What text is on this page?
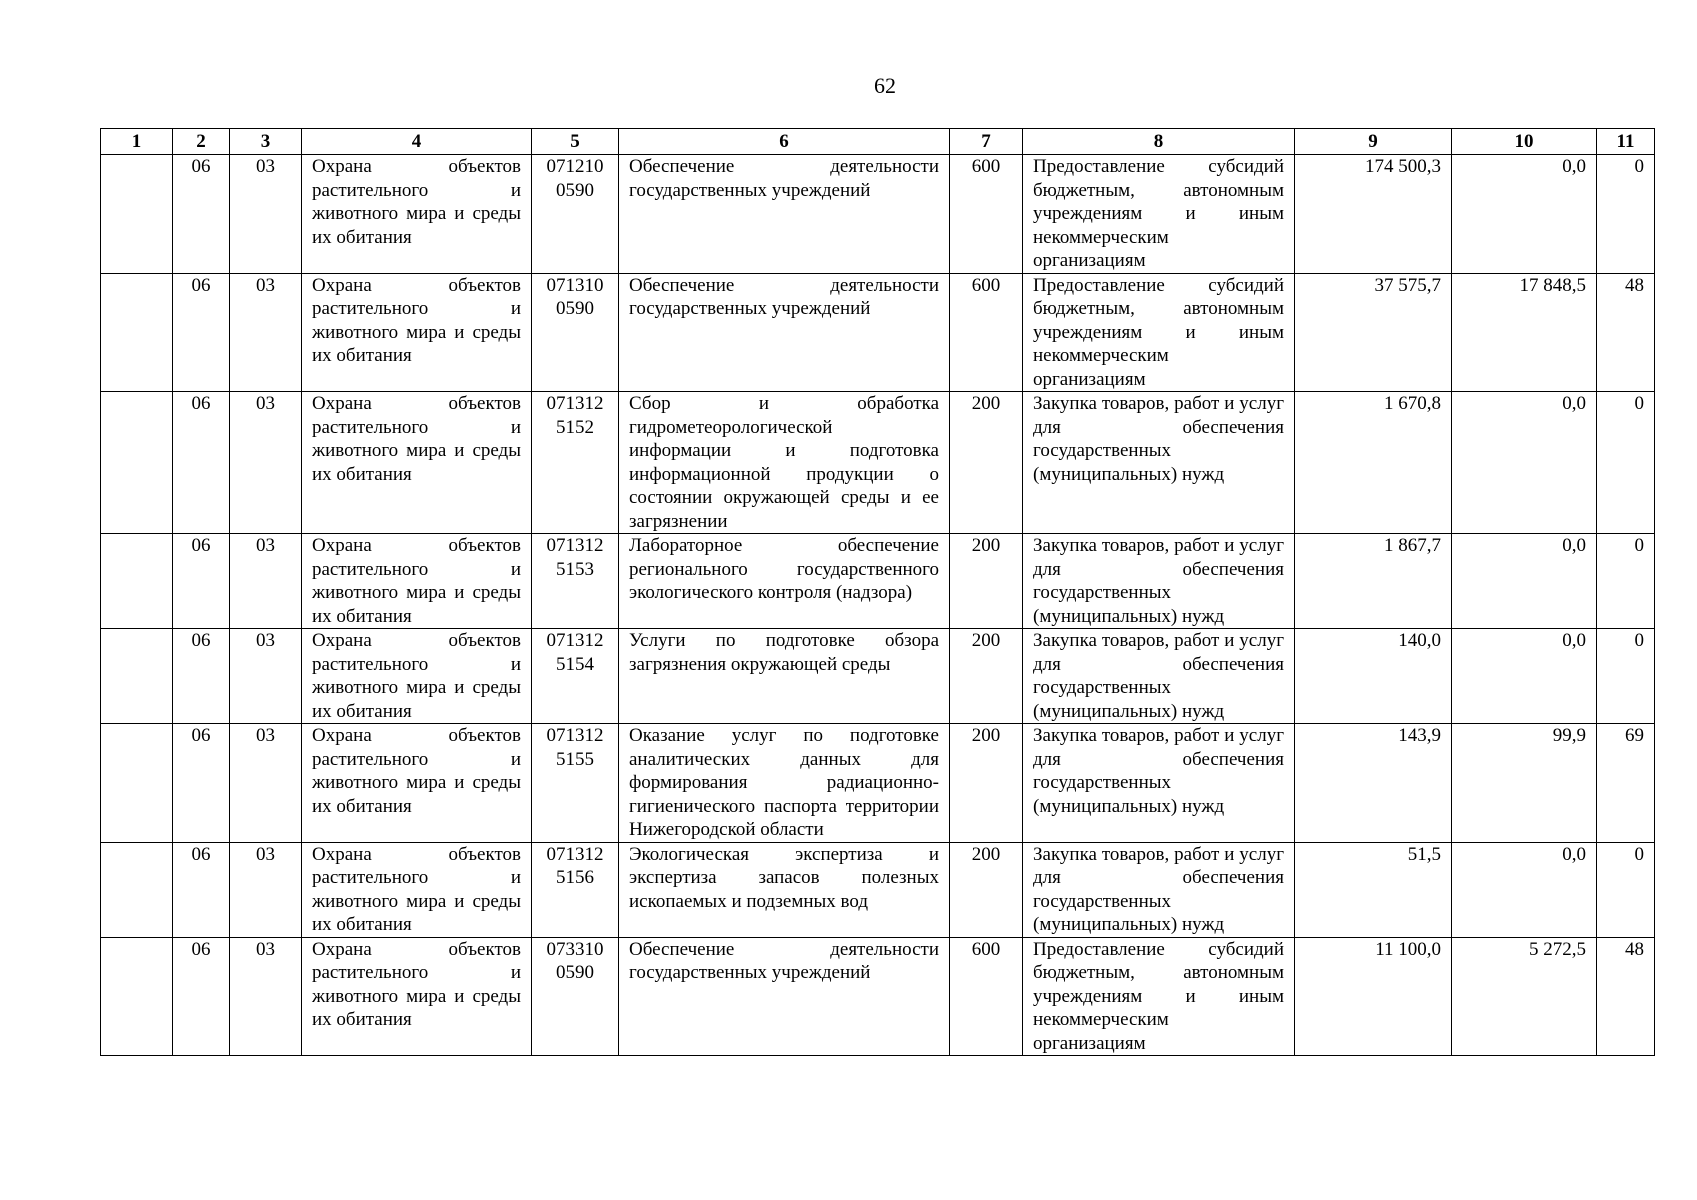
62
1	2	3	4	5	6	7	8	9	10	11
	06	03	Охрана объектов растительного и животного мира и среды их обитания	071210 0590	Обеспечение деятельности государственных учреждений	600	Предоставление субсидий бюджетным, автономным учреждениям и иным некоммерческим организациям	174 500,3	0,0	0
	06	03	Охрана объектов растительного и животного мира и среды их обитания	071310 0590	Обеспечение деятельности государственных учреждений	600	Предоставление субсидий бюджетным, автономным учреждениям и иным некоммерческим организациям	37 575,7	17 848,5	48
	06	03	Охрана объектов растительного и животного мира и среды их обитания	071312 5152	Сбор и обработка гидрометеорологической информации и подготовка информационной продукции о состоянии окружающей среды и ее загрязнении	200	Закупка товаров, работ и услуг для обеспечения государственных (муниципальных) нужд	1 670,8	0,0	0
	06	03	Охрана объектов растительного и животного мира и среды их обитания	071312 5153	Лабораторное обеспечение регионального государственного экологического контроля (надзора)	200	Закупка товаров, работ и услуг для обеспечения государственных (муниципальных) нужд	1 867,7	0,0	0
	06	03	Охрана объектов растительного и животного мира и среды их обитания	071312 5154	Услуги по подготовке обзора загрязнения окружающей среды	200	Закупка товаров, работ и услуг для обеспечения государственных (муниципальных) нужд	140,0	0,0	0
	06	03	Охрана объектов растительного и животного мира и среды их обитания	071312 5155	Оказание услуг по подготовке аналитических данных для формирования радиационно-гигиенического паспорта территории Нижегородской области	200	Закупка товаров, работ и услуг для обеспечения государственных (муниципальных) нужд	143,9	99,9	69
	06	03	Охрана объектов растительного и животного мира и среды их обитания	071312 5156	Экологическая экспертиза и экспертиза запасов полезных ископаемых и подземных вод	200	Закупка товаров, работ и услуг для обеспечения государственных (муниципальных) нужд	51,5	0,0	0
	06	03	Охрана объектов растительного и животного мира и среды их обитания	073310 0590	Обеспечение деятельности государственных учреждений	600	Предоставление субсидий бюджетным, автономным учреждениям и иным некоммерческим организациям	11 100,0	5 272,5	48
